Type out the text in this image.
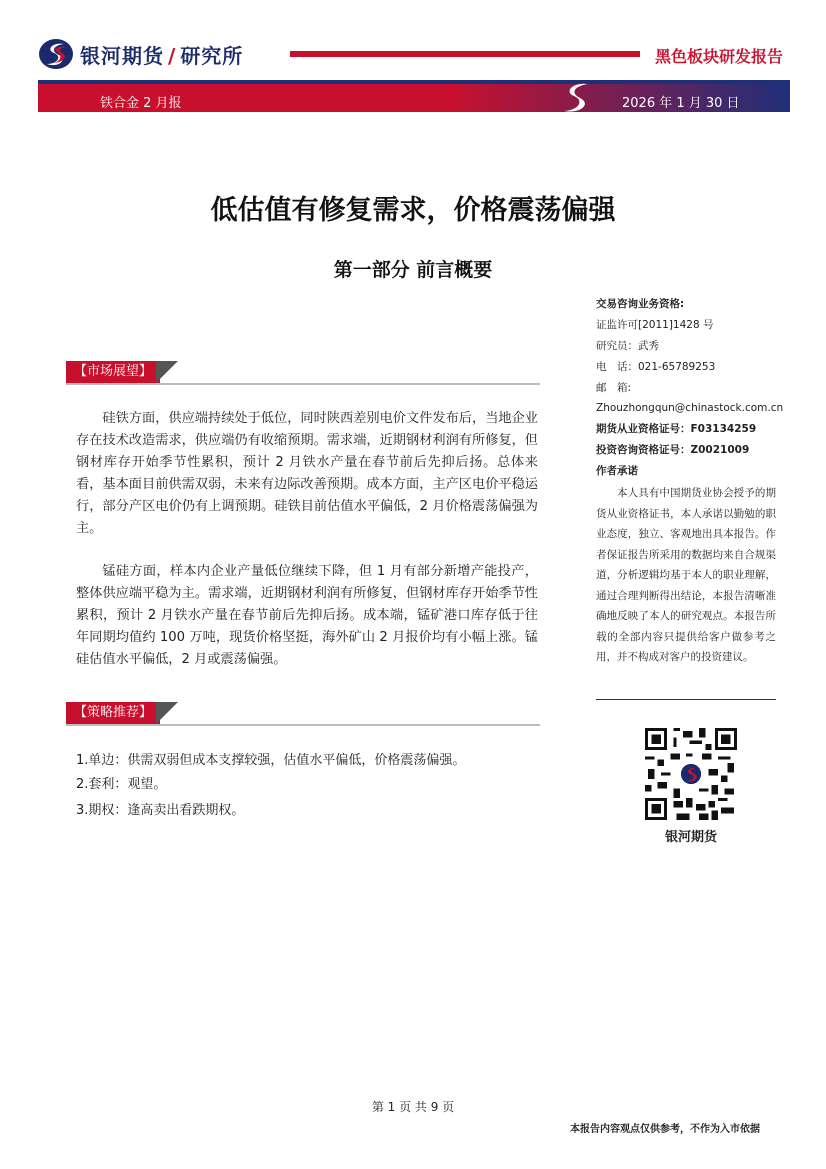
银河期货 / 研究所	黑色板块研发报告
铁合金 2 月报	2026 年 1 月 30 日
低估值有修复需求，价格震荡偏强
第一部分 前言概要
【市场展望】

硅铁方面，供应端持续处于低位，同时陕西差别电价文件发布后，当地企业存在技术改造需求，供应端仍有收缩预期。需求端，近期钢材利润有所修复，但钢材库存开始季节性累积，预计 2 月铁水产量在春节前后先抑后扬。总体来看，基本面目前供需双弱，未来有边际改善预期。成本方面，主产区电价平稳运行，部分产区电价仍有上调预期。硅铁目前估值水平偏低，2 月价格震荡偏强为主。

锰硅方面，样本内企业产量低位继续下降，但 1 月有部分新增产能投产，整体供应端平稳为主。需求端，近期钢材利润有所修复，但钢材库存开始季节性累积，预计 2 月铁水产量在春节前后先抑后扬。成本端，锰矿港口库存低于往年同期均值约 100 万吨，现货价格坚挺，海外矿山 2 月报价均有小幅上涨。锰硅估值水平偏低，2 月或震荡偏强。

【策略推荐】
1.单边：供需双弱但成本支撑较强，估值水平偏低，价格震荡偏强。
2.套利：观望。
3.期权：逢高卖出看跌期权。
交易咨询业务资格:
证监许可[2011]1428 号
研究员：武秀
电　话：021-65789253
邮　箱:
Zhouzhongqun@chinastock.com.cn
期货从业资格证号：F03134259
投资咨询资格证号：Z0021009
作者承诺

本人具有中国期货业协会授予的期货从业资格证书，本人承诺以勤勉的职业态度，独立、客观地出具本报告。作者保证报告所采用的数据均来自合规渠道，分析逻辑均基于本人的职业理解，通过合理判断得出结论，本报告清晰准确地反映了本人的研究观点。本报告所载的全部内容只提供给客户做参考之用，并不构成对客户的投资建议。

银河期货
第 1 页 共 9 页
本报告内容观点仅供参考，不作为入市依据
